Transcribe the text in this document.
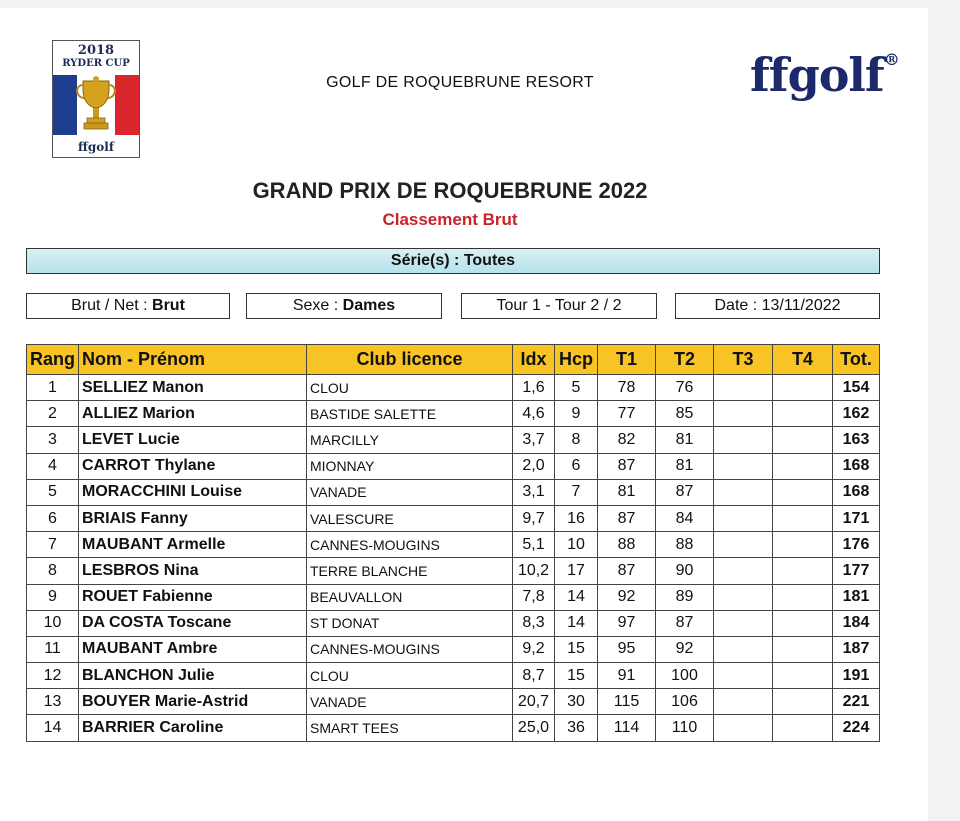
2018
RYDER CUP
ffgolf
GOLF DE ROQUEBRUNE RESORT	ffgolf®
GRAND PRIX DE ROQUEBRUNE 2022
Classement Brut
Série(s) : Toutes
Brut / Net : Brut	Sexe : Dames	Tour 1 - Tour 2 / 2	Date : 13/11/2022
Rang	Nom - Prénom	Club licence	Idx	Hcp	T1	T2	T3	T4	Tot.
1	SELLIEZ Manon	CLOU	1,6	5	78	76			154
2	ALLIEZ Marion	BASTIDE SALETTE	4,6	9	77	85			162
3	LEVET Lucie	MARCILLY	3,7	8	82	81			163
4	CARROT Thylane	MIONNAY	2,0	6	87	81			168
5	MORACCHINI Louise	VANADE	3,1	7	81	87			168
6	BRIAIS Fanny	VALESCURE	9,7	16	87	84			171
7	MAUBANT Armelle	CANNES-MOUGINS	5,1	10	88	88			176
8	LESBROS Nina	TERRE BLANCHE	10,2	17	87	90			177
9	ROUET Fabienne	BEAUVALLON	7,8	14	92	89			181
10	DA COSTA Toscane	ST DONAT	8,3	14	97	87			184
11	MAUBANT Ambre	CANNES-MOUGINS	9,2	15	95	92			187
12	BLANCHON Julie	CLOU	8,7	15	91	100			191
13	BOUYER Marie-Astrid	VANADE	20,7	30	115	106			221
14	BARRIER Caroline	SMART TEES	25,0	36	114	110			224
